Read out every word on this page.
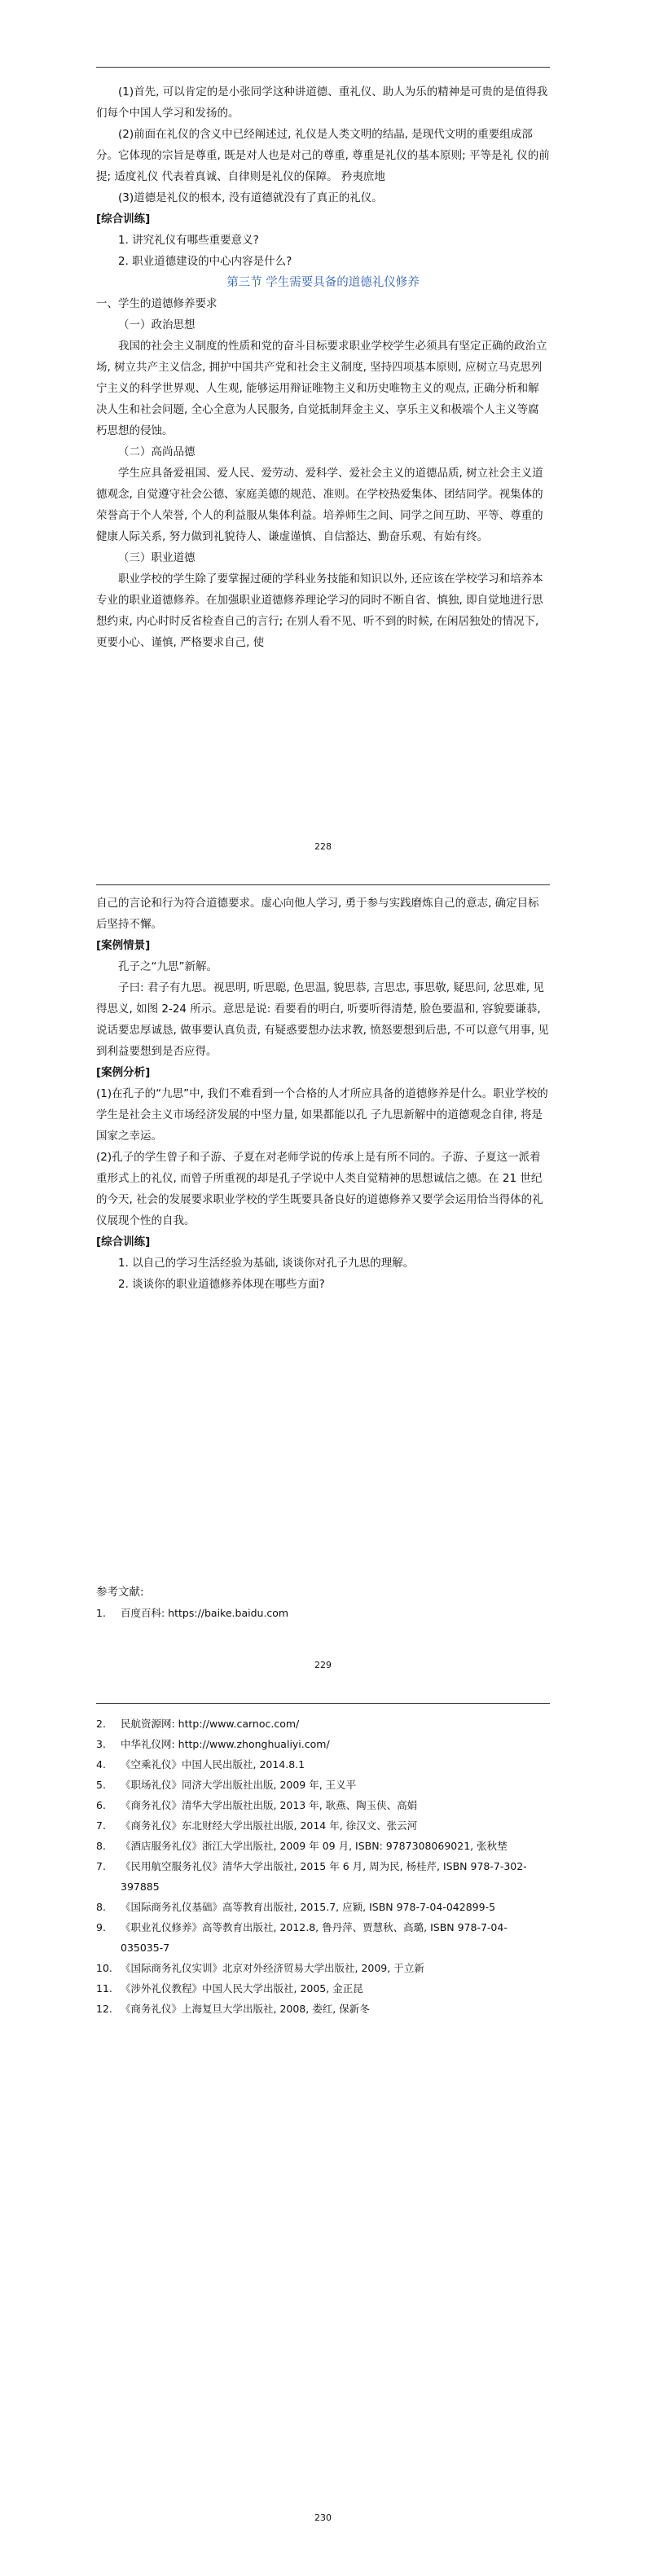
(1)首先, 可以肯定的是小张同学这种讲道德、重礼仪、助人为乐的精神是可贵的是值得我们每个中国人学习和发扬的。

(2)前面在礼仪的含义中已经阐述过, 礼仪是人类文明的结晶, 是现代文明的重要组成部分。它体现的宗旨是尊重, 既是对人也是对己的尊重, 尊重是礼仪的基本原则; 平等是礼 仪的前提; 适度礼仪 代表着真诚、自律则是礼仪的保障。 矜夷庶地

(3)道德是礼仪的根本, 没有道德就没有了真正的礼仪。

[综合训练]

1. 讲究礼仪有哪些重要意义?

2. 职业道德建设的中心内容是什么?

第三节 学生需要具备的道德礼仪修养

一、学生的道德修养要求

（一）政治思想

我国的社会主义制度的性质和党的奋斗目标要求职业学校学生必须具有坚定正确的政治立场, 树立共产主义信念, 拥护中国共产党和社会主义制度, 坚持四项基本原则, 应树立马克思列宁主义的科学世界观、人生观, 能够运用辩证唯物主义和历史唯物主义的观点, 正确分析和解决人生和社会问题, 全心全意为人民服务, 自觉抵制拜金主义、享乐主义和极端个人主义等腐朽思想的侵蚀。

（二）高尚品德

学生应具备爱祖国、爱人民、爱劳动、爱科学、爱社会主义的道德品质, 树立社会主义道德观念, 自觉遵守社会公德、家庭美德的规范、准则。在学校热爱集体、团结同学。视集体的荣誉高于个人荣誉, 个人的利益服从集体利益。培养师生之间、同学之间互助、平等、尊重的健康人际关系, 努力做到礼貌待人、谦虚谨慎、自信豁达、勤奋乐观、有始有终。

（三）职业道德

职业学校的学生除了要掌握过硬的学科业务技能和知识以外, 还应该在学校学习和培养本专业的职业道德修养。在加强职业道德修养理论学习的同时不断自省、慎独, 即自觉地进行思想约束, 内心时时反省检查自己的言行; 在别人看不见、听不到的时候, 在闲居独处的情况下, 更要小心、谨慎, 严格要求自己, 使

228

自己的言论和行为符合道德要求。虚心向他人学习, 勇于参与实践磨炼自己的意志, 确定目标后坚持不懈。

[案例情景]

孔子之“九思”新解。

子曰: 君子有九思。视思明, 听思聪, 色思温, 貌思恭, 言思忠, 事思敬, 疑思问, 忿思难, 见得思义, 如图 2-24 所示。意思是说: 看要看的明白, 听要听得清楚, 脸色要温和, 容貌要谦恭, 说话要忠厚诚恳, 做事要认真负责, 有疑惑要想办法求教, 愤怒要想到后患, 不可以意气用事, 见到利益要想到是否应得。

[案例分析]

(1)在孔子的“九思”中, 我们不难看到一个合格的人才所应具备的道德修养是什么。职业学校的学生是社会主义市场经济发展的中坚力量, 如果都能以孔 子九思新解中的道德观念自律, 将是国家之幸运。

(2)孔子的学生曾子和子游、子夏在对老师学说的传承上是有所不同的。子游、子夏这一派着重形式上的礼仪, 而曾子所重视的却是孔子学说中人类自觉精神的思想诚信之德。在 21 世纪的今天, 社会的发展要求职业学校的学生既要具备良好的道德修养又要学会运用恰当得体的礼仪展现个性的自我。

[综合训练]

1. 以自己的学习生活经验为基础, 谈谈你对孔子九思的理解。

2. 谈谈你的职业道德修养体现在哪些方面?

参考文献:

1.	百度百科: https://baike.baidu.com
229
2.	民航资源网: http://www.carnoc.com/
3.	中华礼仪网: http://www.zhonghualiyi.com/
4.	《空乘礼仪》中国人民出版社, 2014.8.1
5.	《职场礼仪》同济大学出版社出版, 2009 年, 王义平
6.	《商务礼仪》清华大学出版社出版, 2013 年, 耿燕、陶玉侠、高娟
7.	《商务礼仪》东北财经大学出版社出版, 2014 年, 徐汉文、张云河
8.	《酒店服务礼仪》浙江大学出版社, 2009 年 09 月, ISBN: 9787308069021, 张秋埜
7.	《民用航空服务礼仪》清华大学出版社, 2015 年 6 月, 周为民, 杨桂芹, ISBN 978-7-302-397885
8.	《国际商务礼仪基础》高等教育出版社, 2015.7, 应颖, ISBN 978-7-04-042899-5
9.	《职业礼仪修养》高等教育出版社, 2012.8, 鲁丹萍、贾慧秋、高璐, ISBN 978-7-04-035035-7
10. 《国际商务礼仪实训》北京对外经济贸易大学出版社, 2009, 于立新
11. 《涉外礼仪教程》中国人民大学出版社, 2005, 金正昆
12. 《商务礼仪》上海复旦大学出版社, 2008, 娄红, 保新冬
230
